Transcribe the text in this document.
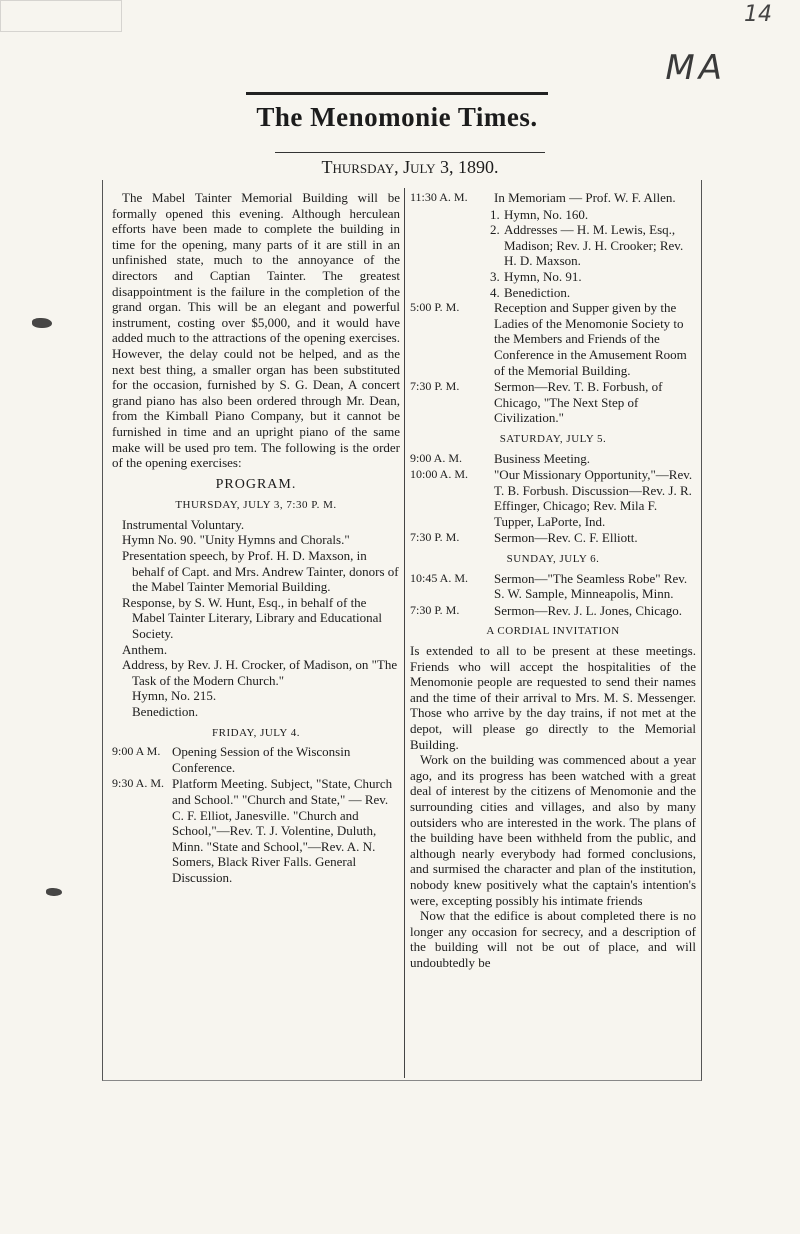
14
MA
The Menomonie Times.
Thursday, July 3, 1890.

The Mabel Tainter Memorial Building will be formally opened this evening. Although herculean efforts have been made to complete the building in time for the opening, many parts of it are still in an unfinished state, much to the annoyance of the directors and Captian Tainter. The greatest disappointment is the failure in the completion of the grand organ. This will be an elegant and powerful instrument, costing over $5,000, and it would have added much to the attractions of the opening exercises. However, the delay could not be helped, and as the next best thing, a smaller organ has been substituted for the occasion, furnished by S. G. Dean, A concert grand piano has also been ordered through Mr. Dean, from the Kimball Piano Company, but it cannot be furnished in time and an upright piano of the same make will be used pro tem. The following is the order of the opening exercises:

PROGRAM.
THURSDAY, JULY 3, 7:30 P. M.

Instrumental Voluntary.

Hymn No. 90. "Unity Hymns and Chorals."

Presentation speech, by Prof. H. D. Maxson, in behalf of Capt. and Mrs. Andrew Tainter, donors of the Mabel Tainter Memorial Building.

Response, by S. W. Hunt, Esq., in behalf of the Mabel Tainter Literary, Library and Educational Society.

Anthem.

Address, by Rev. J. H. Crocker, of Madison, on "The Task of the Modern Church."

Hymn, No. 215.

Benediction.

FRIDAY, JULY 4.
9:00 A M. Opening Session of the Wisconsin Conference.
9:30 A. M. Platform Meeting. Subject, "State, Church and School." "Church and State," — Rev. C. F. Elliot, Janesville. "Church and School,"—Rev. T. J. Volentine, Duluth, Minn. "State and School,"—Rev. A. N. Somers, Black River Falls. General Discussion.
11:30 A. M.	In Memoriam — Prof. W. F. Allen.
1. Hymn, No. 160.
2. Addresses — H. M. Lewis, Esq., Madison; Rev. J. H. Crooker; Rev. H. D. Maxson.
3. Hymn, No. 91.
4. Benediction.
5:00 P. M.	Reception and Supper given by the Ladies of the Menomonie Society to the Members and Friends of the Conference in the Amusement Room of the Memorial Building.
7:30 P. M.	Sermon—Rev. T. B. Forbush, of Chicago, "The Next Step of Civilization."
SATURDAY, JULY 5.
9:00 A. M.	Business Meeting.
10:00 A. M.	"Our Missionary Opportunity,"—Rev. T. B. Forbush. Discussion—Rev. J. R. Effinger, Chicago; Rev. Mila F. Tupper, LaPorte, Ind.
7:30 P. M.	Sermon—Rev. C. F. Elliott.
SUNDAY, JULY 6.
10:45 A. M.	Sermon—"The Seamless Robe" Rev. S. W. Sample, Minneapolis, Minn.
7:30 P. M.	Sermon—Rev. J. L. Jones, Chicago.
A CORDIAL INVITATION

Is extended to all to be present at these meetings. Friends who will accept the hospitalities of the Menomonie people are requested to send their names and the time of their arrival to Mrs. M. S. Messenger. Those who arrive by the day trains, if not met at the depot, will please go directly to the Memorial Building.

Work on the building was commenced about a year ago, and its progress has been watched with a great deal of interest by the citizens of Menomonie and the surrounding cities and villages, and also by many outsiders who are interested in the work. The plans of the building have been withheld from the public, and although nearly everybody had formed conclusions, and surmised the character and plan of the institution, nobody knew positively what the captain's intention's were, excepting possibly his intimate friends

Now that the edifice is about completed there is no longer any occasion for secrecy, and a description of the building will not be out of place, and will undoubtedly be
